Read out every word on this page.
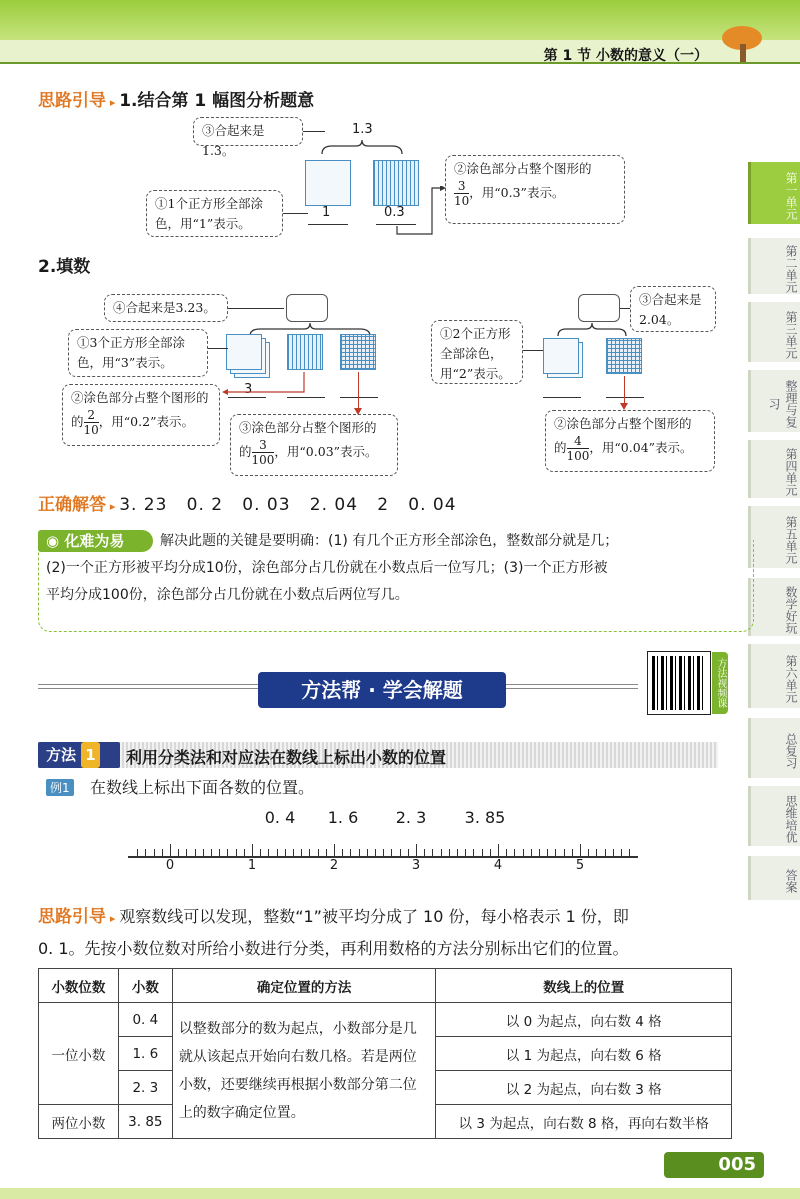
第 1 节 小数的意义（一）
第一单元
第二单元
第三单元
整理与复习
第四单元
第五单元
数学好玩
第六单元
总复习
思维培优
答案
思路引导 ▸ 1.结合第 1 幅图分析题意
③合起来是1.3。
1.3
1	0.3
①1个正方形全部涂色，用“1”表示。
②涂色部分占整个图形的

$\frac{3}{10}$ ，用“0.3”表示。
2.填数
④合起来是3.23。
3
①3个正方形全部涂色，用“3”表示。
②涂色部分占整个图形的
的 $\frac{2}{10}$ ，用“0.2”表示。	③涂色部分占整个图形的
的 $\frac{3}{100}$ ，用“0.03”表示。
③合起来是2.04。
①2个正方形全部涂色，用“2”表示。
②涂色部分占整个图形的
的 $\frac{4}{100}$ ，用“0.04”表示。
正确解答 ▸ 3. 23   0. 2   0. 03   2. 04   2   0. 04
◉ 化难为易	解决此题的关键是要明确：(1) 有几个正方形全部涂色，整数部分就是几；
(2)一个正方形被平均分成10份，涂色部分占几份就在小数点后一位写几；(3)一个正方形被
平均分成100份，涂色部分占几份就在小数点后两位写几。
方法帮 · 学会解题	方法视频课
方法 1	利用分类法和对应法在数线上标出小数的位置
例1 在数线上标出下面各数的位置。
0. 4 1. 6 2. 3 3. 85
0	1	2	3	4	5
思路引导 ▸ 观察数线可以发现，整数“1”被平均分成了 10 份，每小格表示 1 份，即
0. 1。先按小数位数对所给小数进行分类，再利用数格的方法分别标出它们的位置。
小数位数	小数	确定位置的方法	数线上的位置
一位小数	0. 4	以整数部分的数为起点，小数部分是几就从该起点开始向右数几格。若是两位小数，还要继续再根据小数部分第二位上的数字确定位置。	以 0 为起点，向右数 4 格
	1. 6		以 1 为起点，向右数 6 格
	2. 3		以 2 为起点，向右数 3 格
两位小数	3. 85		以 3 为起点，向右数 8 格，再向右数半格
005
